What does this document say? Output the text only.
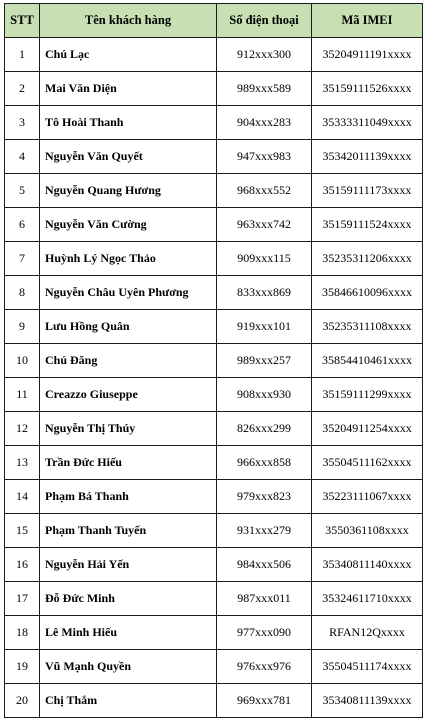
STT	Tên khách hàng	Số điện thoại	Mã IMEI
1	Chú Lạc	912xxx300	35204911191xxxx
2	Mai Văn Diện	989xxx589	35159111526xxxx
3	Tô Hoài Thanh	904xxx283	35333311049xxxx
4	Nguyễn Văn Quyết	947xxx983	35342011139xxxx
5	Nguyễn Quang Hương	968xxx552	35159111173xxxx
6	Nguyễn Văn Cường	963xxx742	35159111524xxxx
7	Huỳnh Lý Ngọc Thảo	909xxx115	35235311206xxxx
8	Nguyễn Châu Uyên Phương	833xxx869	35846610096xxxx
9	Lưu Hồng Quân	919xxx101	35235311108xxxx
10	Chú Đăng	989xxx257	35854410461xxxx
11	Creazzo Giuseppe	908xxx930	35159111299xxxx
12	Nguyễn Thị Thúy	826xxx299	35204911254xxxx
13	Trần Đức Hiếu	966xxx858	35504511162xxxx
14	Phạm Bá Thanh	979xxx823	35223111067xxxx
15	Phạm Thanh Tuyến	931xxx279	3550361108xxxx
16	Nguyễn Hải Yến	984xxx506	35340811140xxxx
17	Đỗ Đức Minh	987xxx011	35324611710xxxx
18	Lê Minh Hiếu	977xxx090	RFAN12Qxxxx
19	Vũ Mạnh Quyền	976xxx976	35504511174xxxx
20	Chị Thắm	969xxx781	35340811139xxxx
